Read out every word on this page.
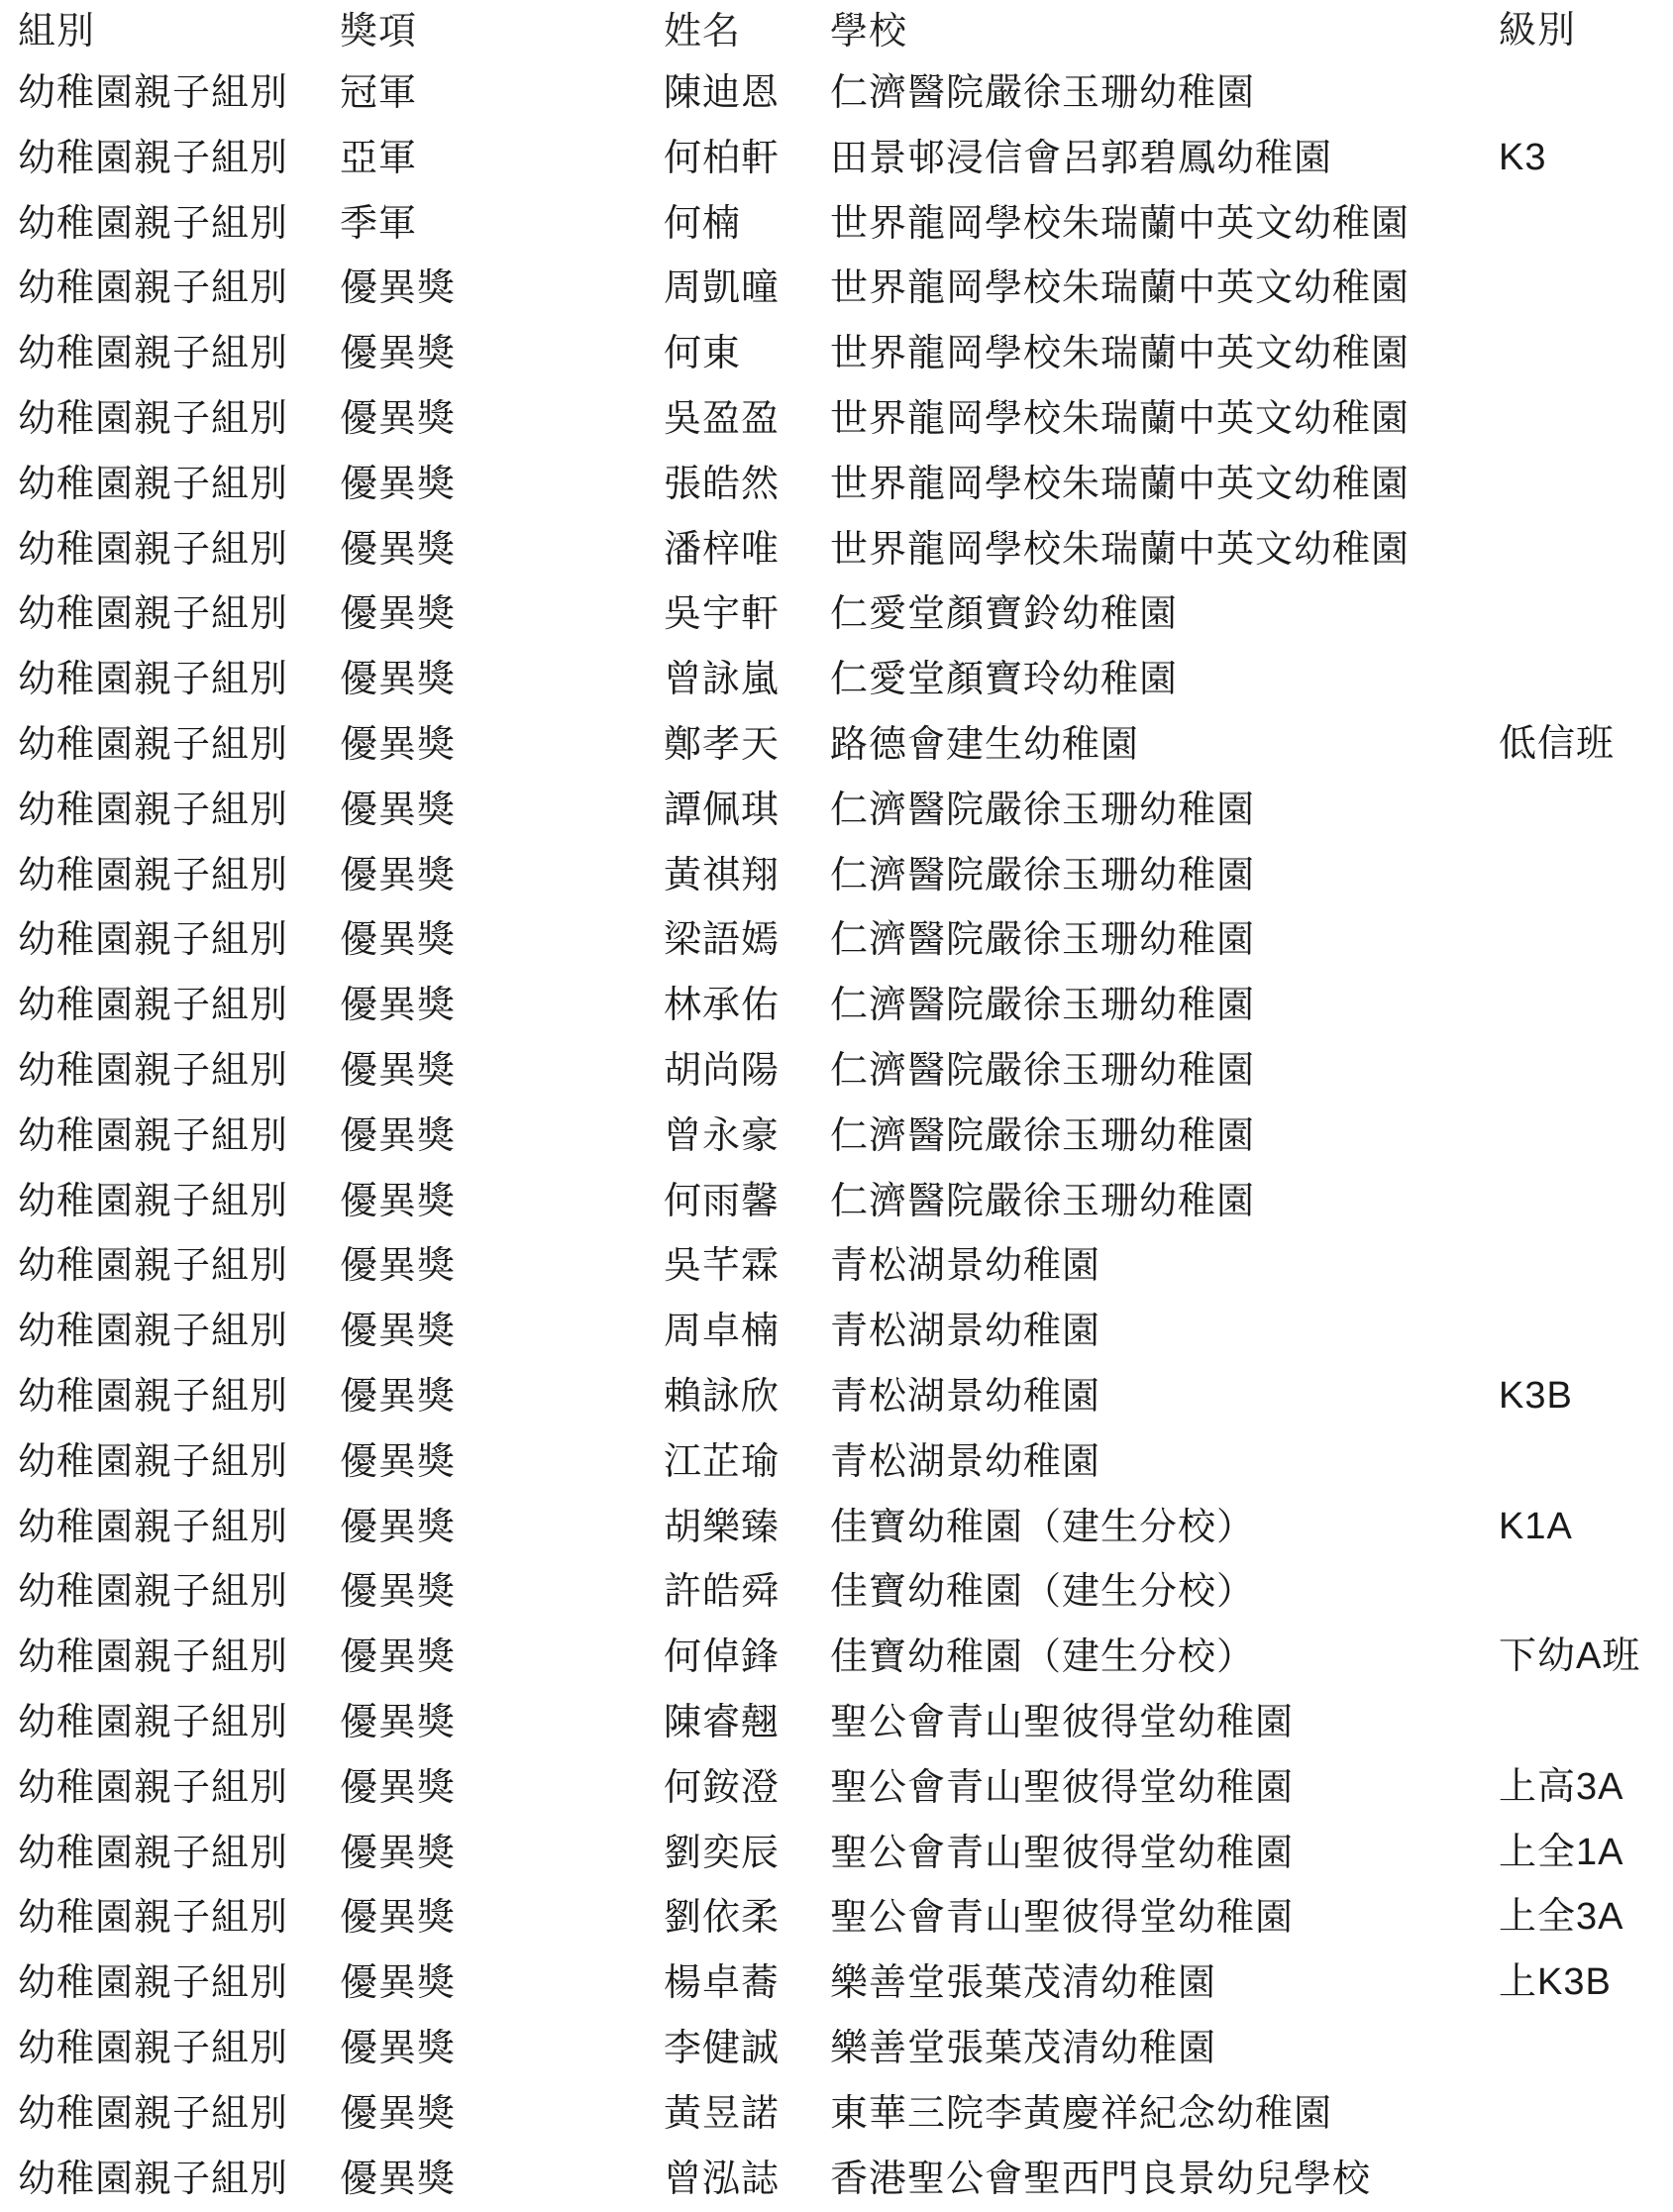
組別	獎項	姓名 學校	級別
幼稚園親子組別 冠軍	陳迪恩 仁濟醫院嚴徐玉珊幼稚園
幼稚園親子組別 亞軍	何柏軒 田景邨浸信會呂郭碧鳳幼稚園	K3
幼稚園親子組別 季軍	何楠 世界龍岡學校朱瑞蘭中英文幼稚園
幼稚園親子組別 優異獎	周凱曈 世界龍岡學校朱瑞蘭中英文幼稚園
幼稚園親子組別 優異獎	何東 世界龍岡學校朱瑞蘭中英文幼稚園
幼稚園親子組別 優異獎	吳盈盈 世界龍岡學校朱瑞蘭中英文幼稚園
幼稚園親子組別 優異獎	張皓然 世界龍岡學校朱瑞蘭中英文幼稚園
幼稚園親子組別 優異獎	潘梓唯 世界龍岡學校朱瑞蘭中英文幼稚園
幼稚園親子組別 優異獎	吳宇軒 仁愛堂顏寶鈴幼稚園
幼稚園親子組別 優異獎	曾詠嵐 仁愛堂顏寶玲幼稚園
幼稚園親子組別 優異獎	鄭孝天 路德會建生幼稚園	低信班
幼稚園親子組別 優異獎	譚佩琪 仁濟醫院嚴徐玉珊幼稚園
幼稚園親子組別 優異獎	黃祺翔 仁濟醫院嚴徐玉珊幼稚園
幼稚園親子組別 優異獎	梁語嫣 仁濟醫院嚴徐玉珊幼稚園
幼稚園親子組別 優異獎	林承佑 仁濟醫院嚴徐玉珊幼稚園
幼稚園親子組別 優異獎	胡尚陽 仁濟醫院嚴徐玉珊幼稚園
幼稚園親子組別 優異獎	曾永豪 仁濟醫院嚴徐玉珊幼稚園
幼稚園親子組別 優異獎	何雨馨 仁濟醫院嚴徐玉珊幼稚園
幼稚園親子組別 優異獎	吳芊霖 青松湖景幼稚園
幼稚園親子組別 優異獎	周卓楠 青松湖景幼稚園
幼稚園親子組別 優異獎	賴詠欣 青松湖景幼稚園	K3B
幼稚園親子組別 優異獎	江芷瑜 青松湖景幼稚園
幼稚園親子組別 優異獎	胡樂臻 佳寶幼稚園（建生分校）	K1A
幼稚園親子組別 優異獎	許皓舜 佳寶幼稚園（建生分校）
幼稚園親子組別 優異獎	何倬鋒 佳寶幼稚園（建生分校）	下幼A班
幼稚園親子組別 優異獎	陳睿翹 聖公會青山聖彼得堂幼稚園
幼稚園親子組別 優異獎	何銨澄 聖公會青山聖彼得堂幼稚園	上高3A
幼稚園親子組別 優異獎	劉奕辰 聖公會青山聖彼得堂幼稚園	上全1A
幼稚園親子組別 優異獎	劉依柔 聖公會青山聖彼得堂幼稚園	上全3A
幼稚園親子組別 優異獎	楊卓蕎 樂善堂張葉茂清幼稚園	上K3B
幼稚園親子組別 優異獎	李健誠 樂善堂張葉茂清幼稚園
幼稚園親子組別 優異獎	黃昱諾 東華三院李黃慶祥紀念幼稚園
幼稚園親子組別 優異獎	曾泓誌 香港聖公會聖西門良景幼兒學校
